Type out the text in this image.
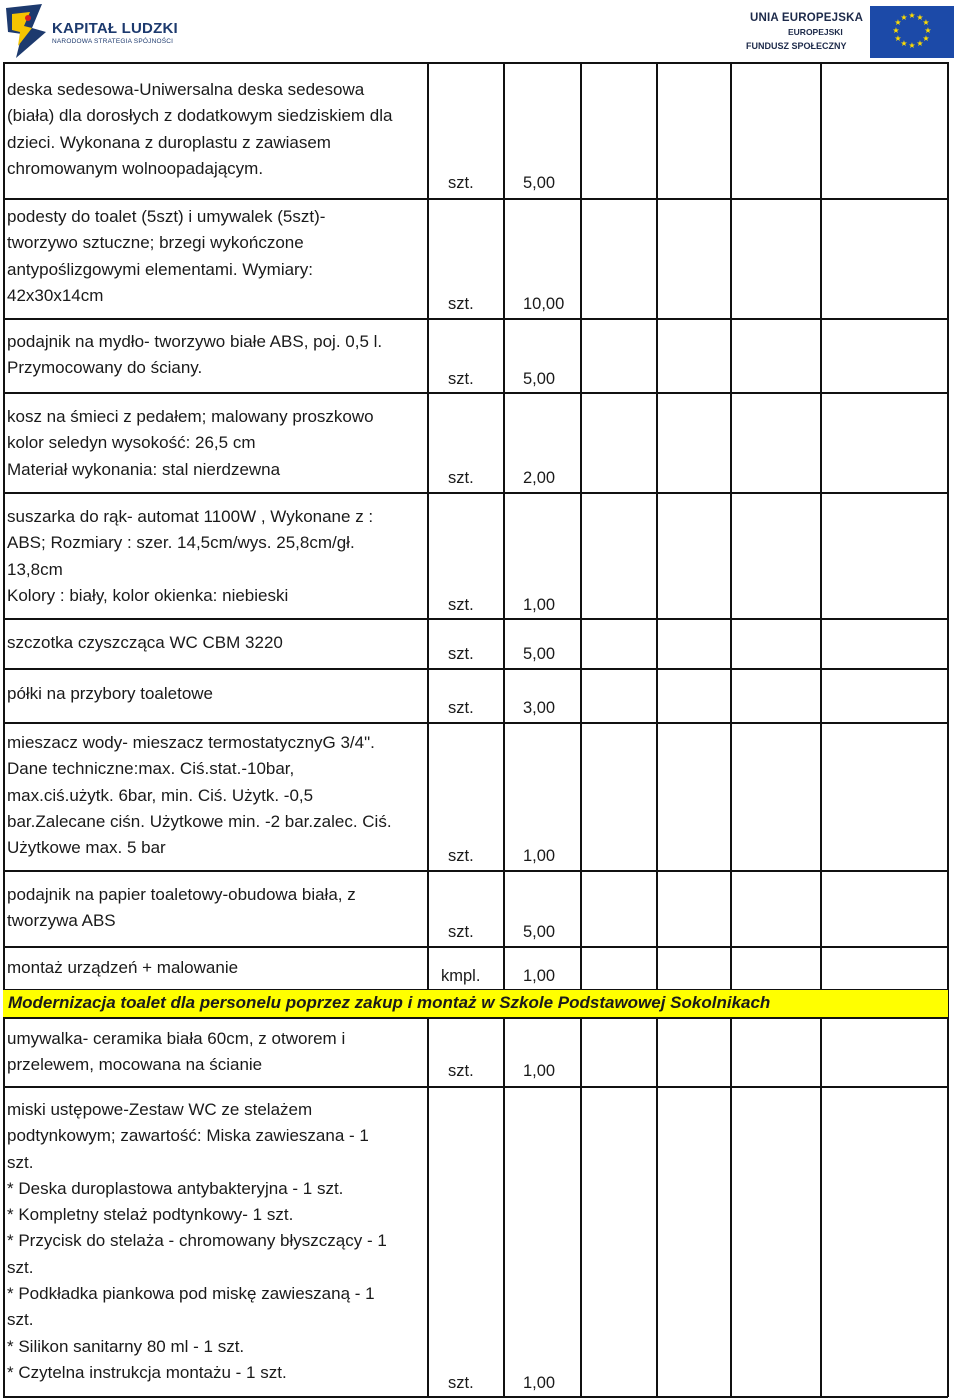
KAPITAŁ LUDZKI
NARODOWA STRATEGIA SPÓJNOŚCI
UNIA EUROPEJSKA
EUROPEJSKI
FUNDUSZ SPOŁECZNY
★ ★
★
★
★
★
★
★
★
★
★
★
deska sedesowa-Uniwersalna deska sedesowa
(biała) dla dorosłych z dodatkowym siedziskiem dla
dzieci. Wykonana z duroplastu z zawiasem
chromowanym wolnoopadającym.
szt.	5,00
podesty do toalet (5szt) i umywalek (5szt)-
tworzywo sztuczne; brzegi wykończone
antypoślizgowymi elementami. Wymiary:
42x30x14cm	szt.	10,00
podajnik na mydło- tworzywo białe ABS, poj. 0,5 l.
Przymocowany do ściany.
szt.	5,00
kosz na śmieci z pedałem; malowany proszkowo
kolor seledyn wysokość: 26,5 cm
Materiał wykonania: stal nierdzewna	szt.	2,00
suszarka do rąk- automat 1100W , Wykonane z :
ABS; Rozmiary : szer. 14,5cm/wys. 25,8cm/gł.
13,8cm
Kolory : biały, kolor okienka: niebieski
szt.	1,00
szczotka czyszcząca WC CBM 3220
szt.	5,00
półki na przybory toaletowe
szt.	3,00
mieszacz wody- mieszacz termostatycznyG 3/4".
Dane techniczne:max. Ciś.stat.-10bar,
max.ciś.użytk. 6bar, min. Ciś. Użytk. -0,5
bar.Zalecane ciśn. Użytkowe min. -2 bar.zalec. Ciś.
Użytkowe max. 5 bar	szt.	1,00
podajnik na papier toaletowy-obudowa biała, z
tworzywa ABS
szt.	5,00
montaż urządzeń + malowanie	kmpl.	1,00
Modernizacja toalet dla personelu poprzez zakup i montaż w Szkole Podstawowej Sokolnikach
umywalka- ceramika biała 60cm, z otworem i
przelewem, mocowana na ścianie	szt.	1,00
miski ustępowe-Zestaw WC ze stelażem
podtynkowym; zawartość: Miska zawieszana - 1
szt.
* Deska duroplastowa antybakteryjna - 1 szt.
* Kompletny stelaż podtynkowy- 1 szt.
* Przycisk do stelaża - chromowany błyszczący - 1
szt.
* Podkładka piankowa pod miskę zawieszaną - 1
szt.
* Silikon sanitarny 80 ml - 1 szt.
* Czytelna instrukcja montażu - 1 szt.
szt.	1,00
